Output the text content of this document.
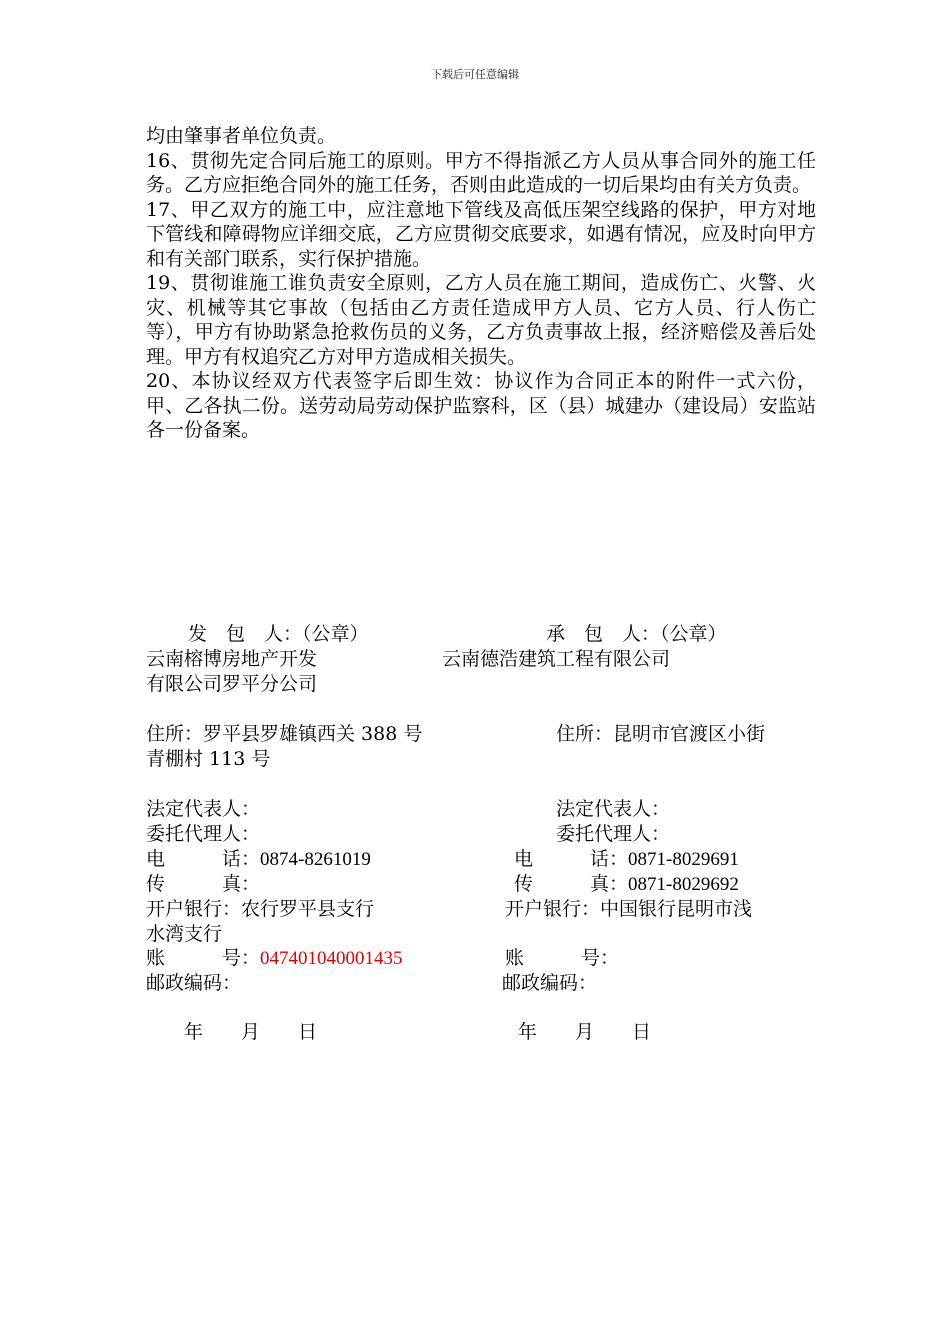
下载后可任意编辑

均由肇事者单位负责。

16、贯彻先定合同后施工的原则。甲方不得指派乙方人员从事合同外的施工任务。乙方应拒绝合同外的施工任务，否则由此造成的一切后果均由有关方负责。

17、甲乙双方的施工中，应注意地下管线及高低压架空线路的保护，甲方对地下管线和障碍物应详细交底，乙方应贯彻交底要求，如遇有情况，应及时向甲方和有关部门联系，实行保护措施。

19、贯彻谁施工谁负责安全原则，乙方人员在施工期间，造成伤亡、火警、火灾、机械等其它事故（包括由乙方责任造成甲方人员、它方人员、行人伤亡等），甲方有协助紧急抢救伤员的义务，乙方负责事故上报，经济赔偿及善后处理。甲方有权追究乙方对甲方造成相关损失。

20、本协议经双方代表签字后即生效：协议作为合同正本的附件一式六份，甲、乙各执二份。送劳动局劳动保护监察科，区（县）城建办（建设局）安监站各一份备案。

发　包　人：（公章）
云南榕博房地产开发
有限公司罗平分公司
住所：罗平县罗雄镇西关 388 号
青棚村 113 号
法定代表人：
委托代理人：
电　　　话：0874-8261019
传　　　真：
开户银行：农行罗平县支行
账　　　号：047401040001435
邮政编码：
年　　月　　日
承　包　人：（公章）
云南德浩建筑工程有限公司
住所：昆明市官渡区小街
法定代表人：
委托代理人：
电　　　话：0871-8029691
传　　　真：0871-8029692
开户银行：中国银行昆明市浅
水湾支行
账　　　号：
邮政编码：
年　　月　　日
